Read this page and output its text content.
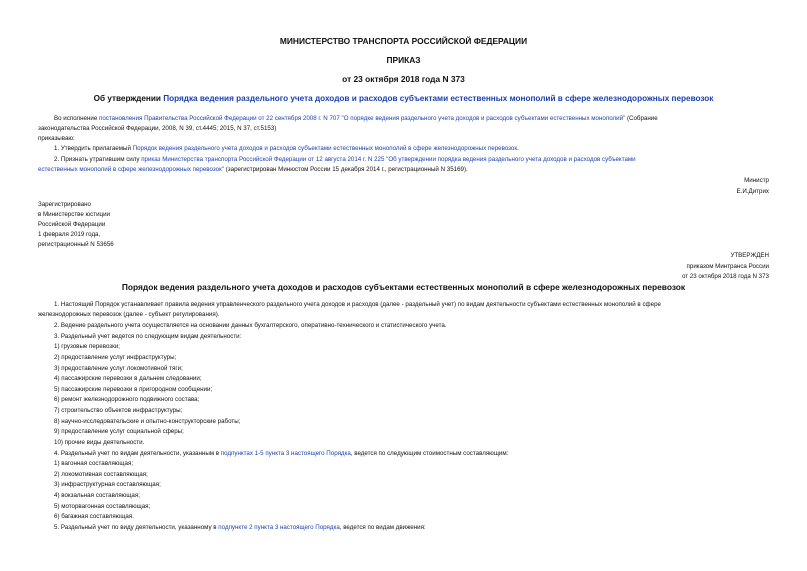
МИНИСТЕРСТВО ТРАНСПОРТА РОССИЙСКОЙ ФЕДЕРАЦИИ
ПРИКАЗ
от 23 октября 2018 года N 373
Об утверждении Порядка ведения раздельного учета доходов и расходов субъектами естественных монополий в сфере железнодорожных перевозок
Во исполнение постановления Правительства Российской Федерации от 22 сентября 2008 г. N 707 "О порядке ведения раздельного учета доходов и расходов субъектами естественных монополий" (Собрание
законодательства Российской Федерации, 2008, N 39, ст.4445; 2015, N 37, ст.5153)
приказываю:
1. Утвердить прилагаемый Порядок ведения раздельного учета доходов и расходов субъектами естественных монополий в сфере железнодорожных перевозок.
2. Признать утратившим силу приказ Министерства транспорта Российской Федерации от 12 августа 2014 г. N 225 "Об утверждении порядка ведения раздельного учета доходов и расходов субъектами
естественных монополий в сфере железнодорожных перевозок" (зарегистрирован Минюстом России 15 декабря 2014 г., регистрационный N 35169).
Министр
Е.И.Дитрих
Зарегистрировано
в Министерстве юстиции
Российской Федерации
1 февраля 2019 года,
регистрационный N 53656
УТВЕРЖДЕН
приказом Минтранса России
от 23 октября 2018 года N 373
Порядок ведения раздельного учета доходов и расходов субъектами естественных монополий в сфере железнодорожных перевозок
1. Настоящий Порядок устанавливает правила ведения управленческого раздельного учета доходов и расходов (далее - раздельный учет) по видам деятельности субъектами естественных монополий в сфере
железнодорожных перевозок (далее - субъект регулирования).
2. Ведение раздельного учета осуществляется на основании данных бухгалтерского, оперативно-технического и статистического учета.
3. Раздельный учет ведется по следующим видам деятельности:
1) грузовые перевозки;
2) предоставление услуг инфраструктуры;
3) предоставление услуг локомотивной тяги;
4) пассажирские перевозки в дальнем следовании;
5) пассажирские перевозки в пригородном сообщении;
6) ремонт железнодорожного подвижного состава;
7) строительство объектов инфраструктуры;
8) научно-исследовательские и опытно-конструкторские работы;
9) предоставление услуг социальной сферы;
10) прочие виды деятельности.
4. Раздельный учет по видам деятельности, указанным в подпунктах 1-5 пункта 3 настоящего Порядка, ведется по следующим стоимостным составляющим:
1) вагонная составляющая;
2) локомотивная составляющая;
3) инфраструктурная составляющая;
4) вокзальная составляющая;
5) моторвагонная составляющая;
6) багажная составляющая.
5. Раздельный учет по виду деятельности, указанному в подпункте 2 пункта 3 настоящего Порядка, ведется по видам движения:
